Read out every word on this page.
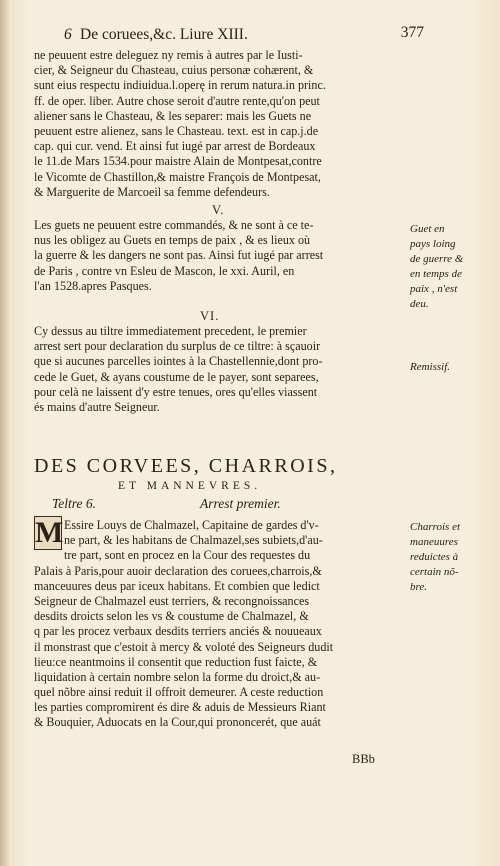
6 De coruees,&c. Liure XIII.	377
ne peuuent estre deleguez ny remis à autres par le Iusti-
cier, & Seigneur du Chasteau, cuius personæ cohærent, &
sunt eius respectu indiuidua.l.operę in rerum natura.in princ.
ff. de oper. liber. Autre chose seroit d'autre rente,qu'on peut
aliener sans le Chasteau, & les separer: mais les Guets ne
peuuent estre alienez, sans le Chasteau. text. est in cap.j.de
cap. qui cur. vend. Et ainsi fut iugé par arrest de Bordeaux
le 11.de Mars 1534.pour maistre Alain de Montpesat,contre
le Vicomte de Chastillon,& maistre François de Montpesat,
& Marguerite de Marcoeil sa femme defendeurs.
V.
Les guets ne peuuent estre commandés, & ne sont à ce te-
nus les obligez au Guets en temps de paix , & es lieux où
la guerre & les dangers ne sont pas. Ainsi fut iugé par arrest
de Paris , contre vn Esleu de Mascon, le xxi. Auril, en
l'an 1528.apres Pasques.
Guet en
pays loing
de guerre &
en temps de
paix , n'est
deu.
VI.
Cy dessus au tiltre immediatement precedent, le premier
arrest sert pour declaration du surplus de ce tiltre: à sçauoir
que si aucunes parcelles iointes à la Chastellennie,dont pro-
cede le Guet, & ayans coustume de le payer, sont separees,
pour celà ne laissent d'y estre tenues, ores qu'elles viassent
és mains d'autre Seigneur.
Remissif.
DES CORVEES, CHARROIS,
ET MANNEVRES.
Teltre 6.	Arrest premier.
M Essire Louys de Chalmazel, Capitaine de gardes d'v-
ne part, & les habitans de Chalmazel,ses subiets,d'au-
tre part, sont en procez en la Cour des requestes du
Palais à Paris,pour auoir declaration des coruees,charrois,&
manceuures deus par iceux habitans. Et combien que ledict
Seigneur de Chalmazel eust terriers, & recongnoissances
desdits droicts selon les vs & coustume de Chalmazel, &
q par les procez verbaux desdits terriers anciés & nouueaux
il monstrast que c'estoit à mercy & voloté des Seigneurs dudit
lieu:ce neantmoins il consentit que reduction fust faicte, &
liquidation à certain nombre selon la forme du droict,& au-
quel nõbre ainsi reduit il offroit demeurer. A ceste reduction
les parties compromirent és dire & aduis de Messieurs Riant
& Bouquier, Aduocats en la Cour,qui prononcerét, que auát
Charrois et
maneuures
reduictes à
certain nõ-
bre.
BBb
